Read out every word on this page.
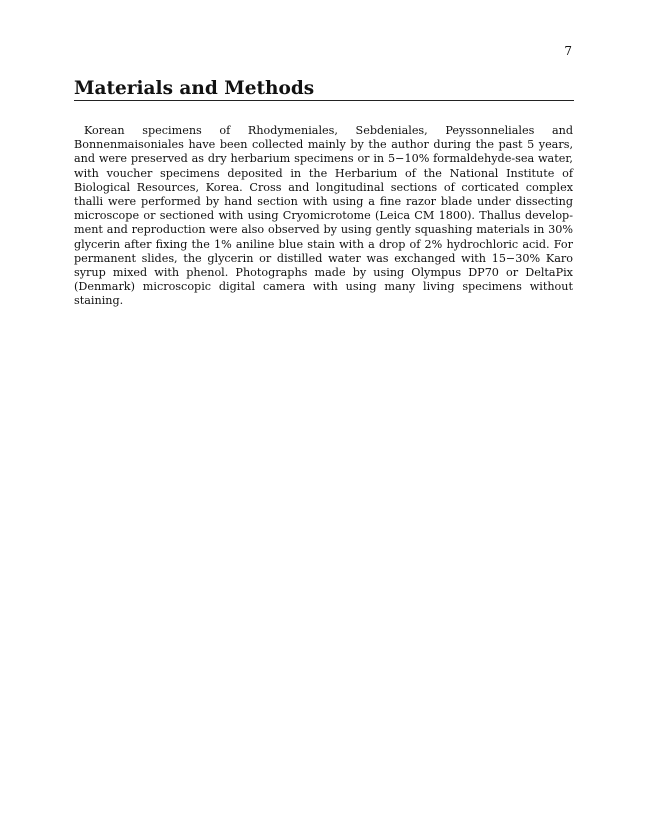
7
Materials and Methods

Korean specimens of Rhodymeniales, Sebdeniales, Peyssonneliales and Bonnenmaisoniales have been collected mainly by the author during the past 5 years, and were preserved as dry herbarium specimens or in 5−10% formaldehyde-sea water, with voucher specimens deposited in the Herbarium of the National Institute of Biological Resources, Korea. Cross and longitudinal sections of corticated complex thalli were performed by hand section with using a fine razor blade under dissecting microscope or sectioned with using Cryomicrotome (Leica CM 1800). Thallus development and reproduction were also observed by using gently squashing materials in 30% glycerin after fixing the 1% aniline blue stain with a drop of 2% hydrochloric acid. For permanent slides, the glycerin or distilled water was exchanged with 15−30% Karo syrup mixed with phenol. Photographs made by using Olympus DP70 or DeltaPix (Denmark) microscopic digital camera with using many living specimens without staining.
